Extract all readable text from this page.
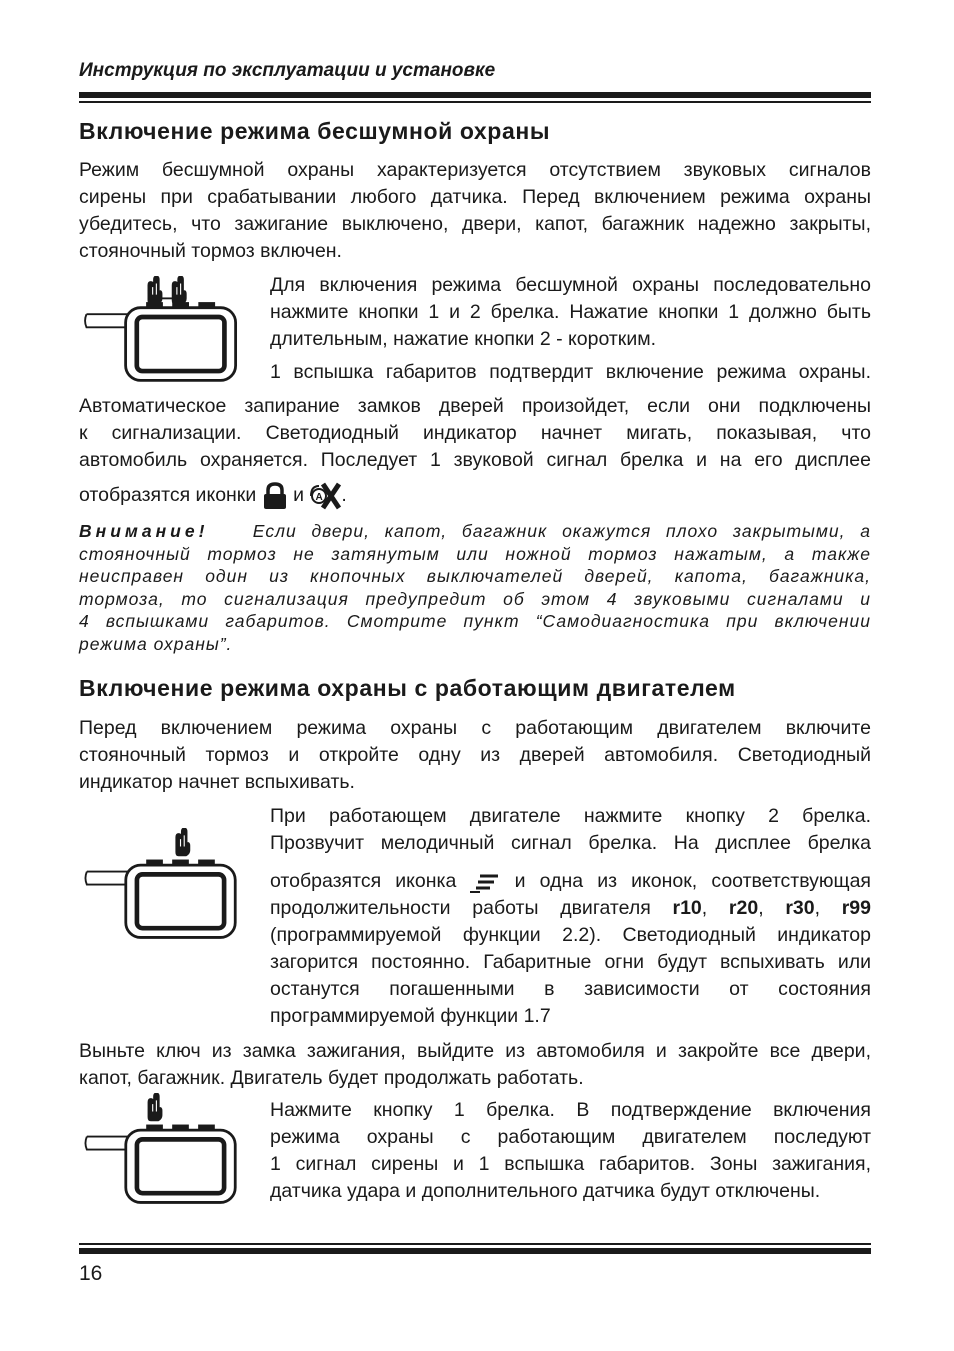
Инструкция по эксплуатации и установке
Включение режима бесшумной охраны
Режим бесшумной охраны характеризуется отсутствием звуковых сигналов
сирены при срабатывании любого датчика. Перед включением режима охраны
убедитесь, что зажигание выключено, двери, капот, багажник надежно закрыты,
стояночный тормоз включен.
Для включения режима бесшумной охраны последовательно
нажмите кнопки 1 и 2 брелка. Нажатие кнопки 1 должно быть
длительным, нажатие кнопки 2 - коротким.
1 вспышка габаритов подтвердит включение режима охраны.
Автоматическое запирание замков дверей произойдет, если они подключены
к сигнализации. Светодиодный индикатор начнет мигать, показывая, что
автомобиль охраняется. Последует 1 звуковой сигнал брелка и на его дисплее
отобразятся иконки и A .
Внимание!	Если двери, капот, багажник окажутся плохо закрытыми, а
стояночный тормоз не затянутым или ножной тормоз нажатым, а также
неисправен один из кнопочных выключателей дверей, капота, багажника,
тормоза, то сигнализация предупредит об этом 4 звуковыми сигналами и
4 вспышками габаритов. Смотрите пункт “Самодиагностика при включении
режима охраны”.
Включение режима охраны с работающим двигателем
Перед включением режима охраны с работающим двигателем включите
стояночный тормоз и откройте одну из дверей автомобиля. Светодиодный
индикатор начнет вспыхивать.
При работающем двигателе нажмите кнопку 2 брелка.
Прозвучит мелодичный сигнал брелка. На дисплее брелка
отобразятся иконка	и одна из иконок, соответствующая
продолжительности работы двигателя r10, r20, r30, r99
(программируемой функции 2.2). Светодиодный индикатор
загорится постоянно. Габаритные огни будут вспыхивать или
останутся погашенными в зависимости от состояния
программируемой функции 1.7
Выньте ключ из замка зажигания, выйдите из автомобиля и закройте все двери,
капот, багажник. Двигатель будет продолжать работать.
Нажмите кнопку 1 брелка. В подтверждение включения
режима охраны с работающим двигателем последуют
1 сигнал сирены и 1 вспышка габаритов. Зоны зажигания,
датчика удара и дополнительного датчика будут отключены.
16
